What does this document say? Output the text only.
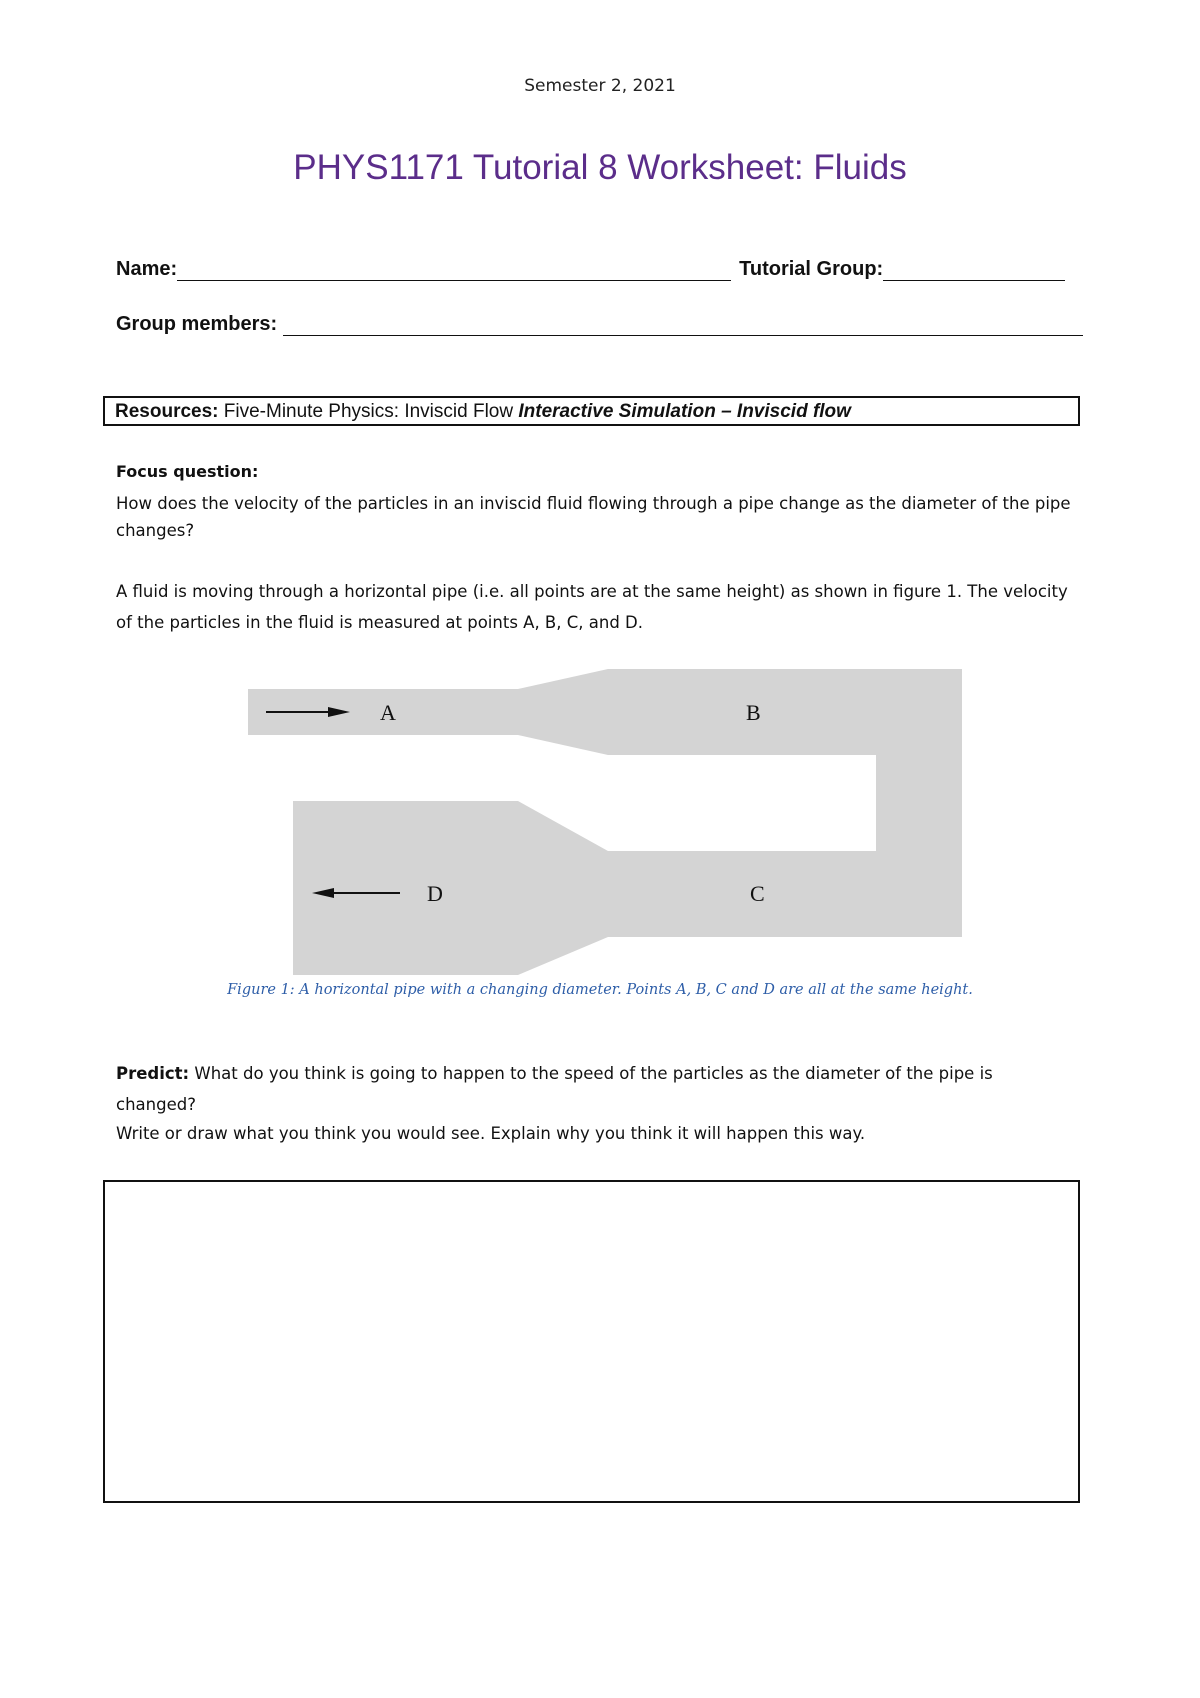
Semester 2, 2021
PHYS1171 Tutorial 8 Worksheet: Fluids
Name:	Tutorial Group:
Group members:
Resources: Five-Minute Physics: Inviscid Flow Interactive Simulation – Inviscid flow
Focus question:
How does the velocity of the particles in an inviscid fluid flowing through a pipe change as the diameter of the pipe changes?
A fluid is moving through a horizontal pipe (i.e. all points are at the same height) as shown in figure 1. The velocity of the particles in the fluid is measured at points A, B, C, and D.
A	B
C
D
Figure 1: A horizontal pipe with a changing diameter. Points A, B, C and D are all at the same height.
Predict: What do you think is going to happen to the speed of the particles as the diameter of the pipe is changed?
Write or draw what you think you would see. Explain why you think it will happen this way.
